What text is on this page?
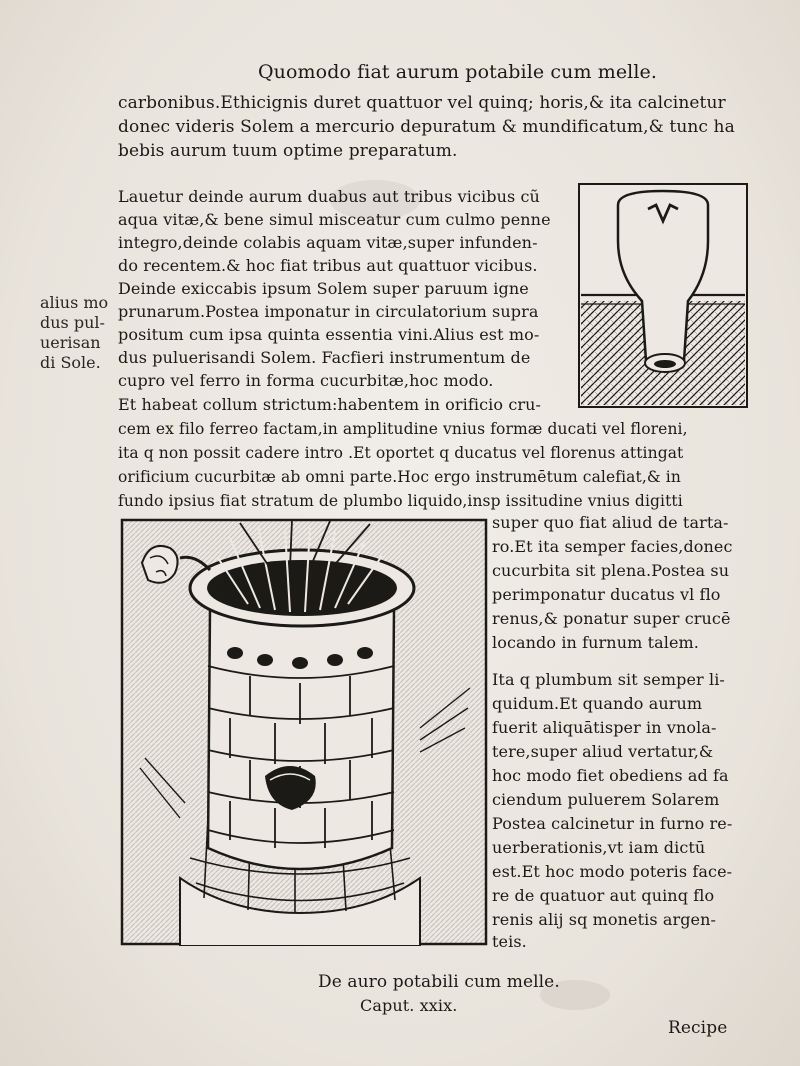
Quomodo fiat aurum potabile cum melle.
carbonibus.Ethicignis duret quattuor vel quinq; horis,& ita calcinetur
donec videris Solem a mercurio depuratum & mundificatum,& tunc ha
bebis aurum tuum optime preparatum.
Lauetur deinde aurum duabus aut tribus vicibus cũ
aqua vitæ,& bene simul misceatur cum culmo penne
integro,deinde colabis aquam vitæ,super infunden-
do recentem.& hoc fiat tribus aut quattuor vicibus.
Deinde exiccabis ipsum Solem super paruum igne
prunarum.Postea imponatur in circulatorium supra
positum cum ipsa quinta essentia vini.Alius est mo-
dus puluerisandi Solem. Facfieri instrumentum de
cupro vel ferro in forma cucurbitæ,hoc modo.
alius mo
dus pul-
uerisan
di Sole.
Et habeat collum strictum:habentem in orificio cru-
cem ex filo ferreo factam,in amplitudine vnius formæ ducati vel floreni,
ita q non possit cadere intro .Et oportet q ducatus vel florenus attingat
orificium cucurbitæ ab omni parte.Hoc ergo instrumētum calefiat,& in
fundo ipsius fiat stratum de plumbo liquido,insp issitudine vnius digitti
super quo fiat aliud de tarta-
ro.Et ita semper facies,donec
cucurbita sit plena.Postea su
perimponatur ducatus vl flo
renus,& ponatur super crucē
locando in furnum talem.
Ita q plumbum sit semper li-
quidum.Et quando aurum
fuerit aliquātisper in vnola-
tere,super aliud vertatur,&
hoc modo fiet obediens ad fa
ciendum puluerem Solarem
Postea calcinetur in furno re-
uerberationis,vt iam dictū
est.Et hoc modo poteris face-
re de quatuor aut quinq flo
renis alij sq monetis argen-
teis.
De auro potabili cum melle.
Caput. xxix.
Recipe
